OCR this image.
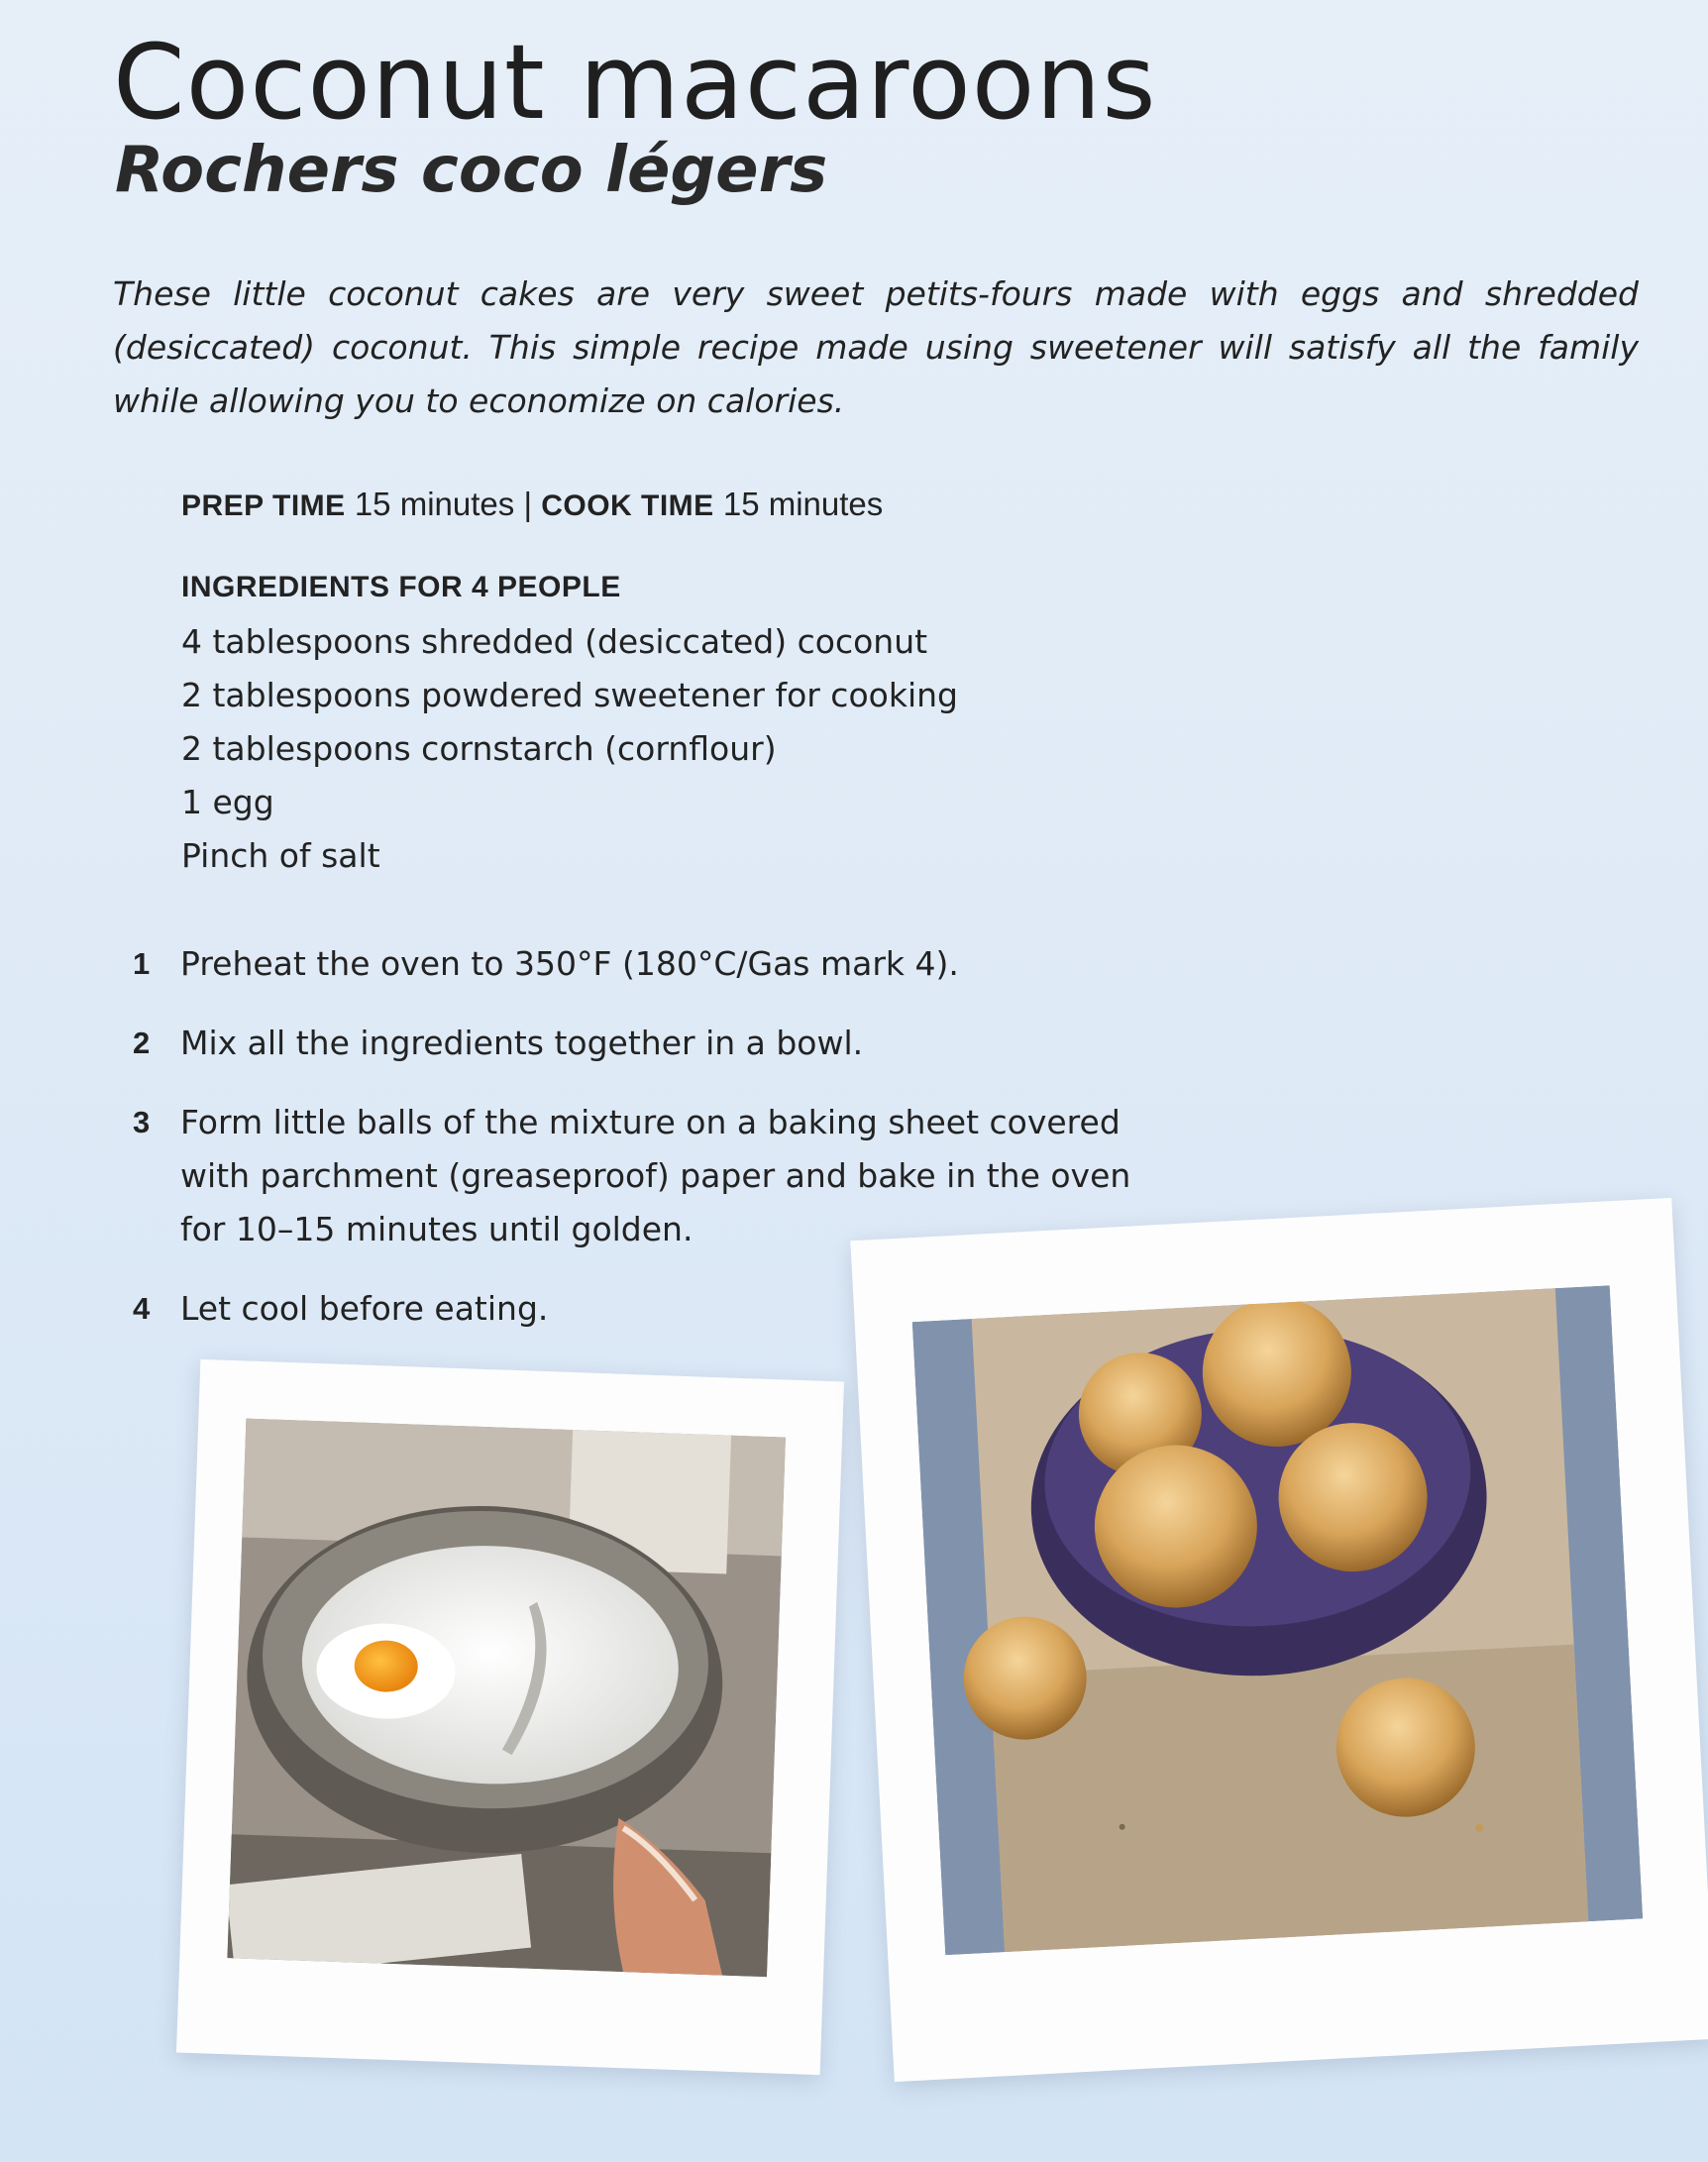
Coconut macaroons
Rochers coco légers

These little coconut cakes are very sweet petits-fours made with eggs and shredded (desiccated) coconut. This simple recipe made using sweetener will satisfy all the family while allowing you to economize on calories.

PREP TIME 15 minutes | COOK TIME 15 minutes
INGREDIENTS FOR 4 PEOPLE
4 tablespoons shredded (desiccated) coconut
2 tablespoons powdered sweetener for cooking
2 tablespoons cornstarch (cornflour)
1 egg
Pinch of salt
1 Preheat the oven to 350°F (180°C/Gas mark 4).
2 Mix all the ingredients together in a bowl.
3 Form little balls of the mixture on a baking sheet covered with parchment (greaseproof) paper and bake in the oven for 10–15 minutes until golden.
4 Let cool before eating.
